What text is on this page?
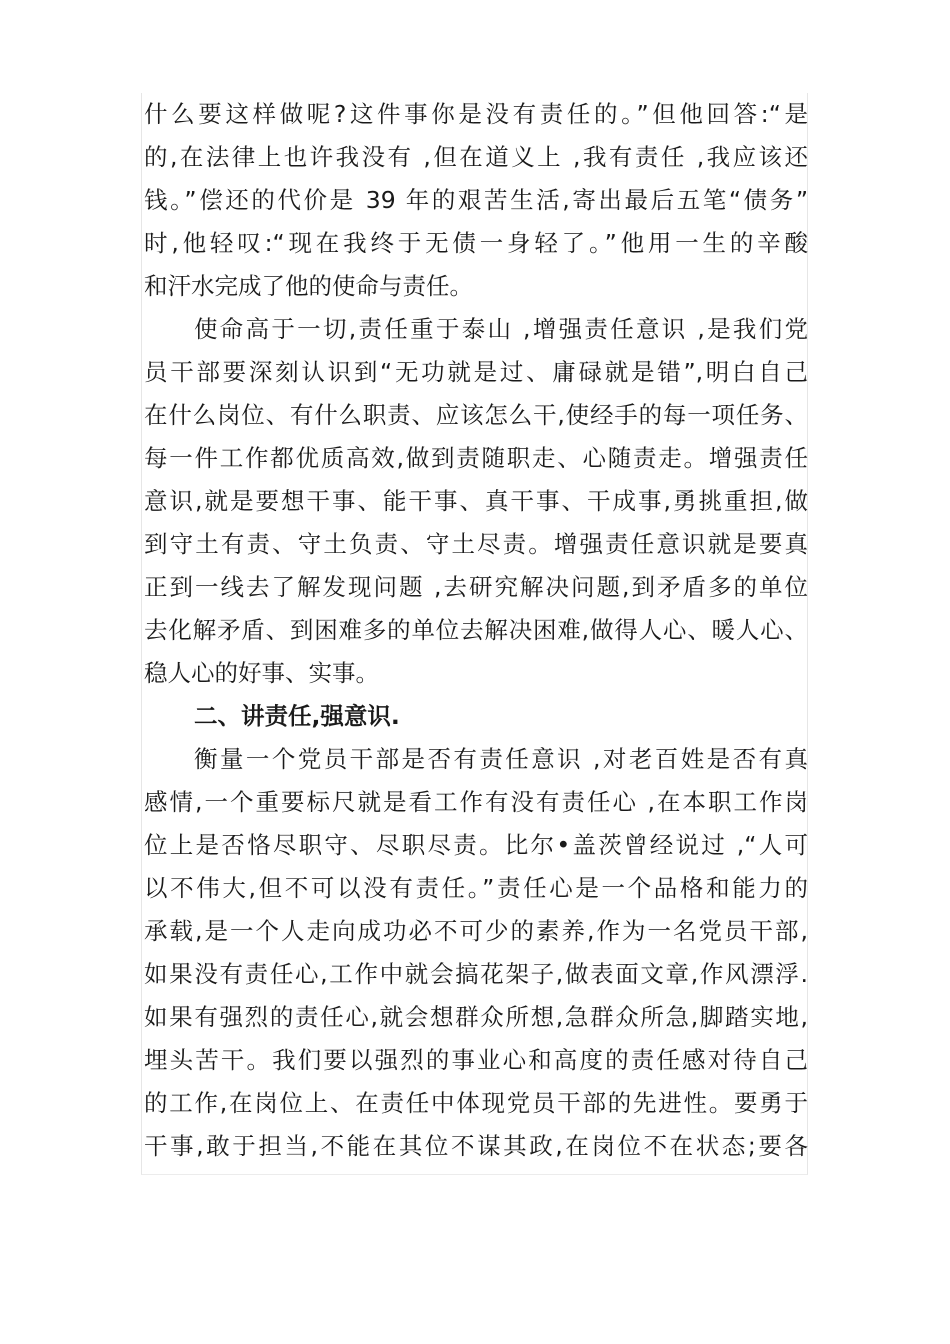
什么要这样做呢?这件事你是没有责任的。”但他回答:“是
的,在法律上也许我没有 ,但在道义上 ,我有责任 ,我应该还
钱。”偿还的代价是 39 年的艰苦生活,寄出最后五笔“债务”
时,他轻叹:“现在我终于无债一身轻了。”他用一生的辛酸
和汗水完成了他的使命与责任。
使命高于一切,责任重于泰山 ,增强责任意识 ,是我们党
员干部要深刻认识到“无功就是过、庸碌就是错”,明白自己
在什么岗位、有什么职责、应该怎么干,使经手的每一项任务、
每一件工作都优质高效,做到责随职走、心随责走。增强责任
意识,就是要想干事、能干事、真干事、干成事,勇挑重担,做
到守土有责、守土负责、守土尽责。增强责任意识就是要真
正到一线去了解发现问题 ,去研究解决问题,到矛盾多的单位
去化解矛盾、到困难多的单位去解决困难,做得人心、暖人心、
稳人心的好事、实事。
二、讲责任,强意识.
衡量一个党员干部是否有责任意识 ,对老百姓是否有真
感情,一个重要标尺就是看工作有没有责任心 ,在本职工作岗
位上是否恪尽职守、尽职尽责。比尔•盖茨曾经说过 ,“人可
以不伟大,但不可以没有责任。”责任心是一个品格和能力的
承载,是一个人走向成功必不可少的素养,作为一名党员干部,
如果没有责任心,工作中就会搞花架子,做表面文章,作风漂浮.
如果有强烈的责任心,就会想群众所想,急群众所急,脚踏实地,
埋头苦干。我们要以强烈的事业心和高度的责任感对待自己
的工作,在岗位上、在责任中体现党员干部的先进性。要勇于
干事,敢于担当,不能在其位不谋其政,在岗位不在状态;要各
